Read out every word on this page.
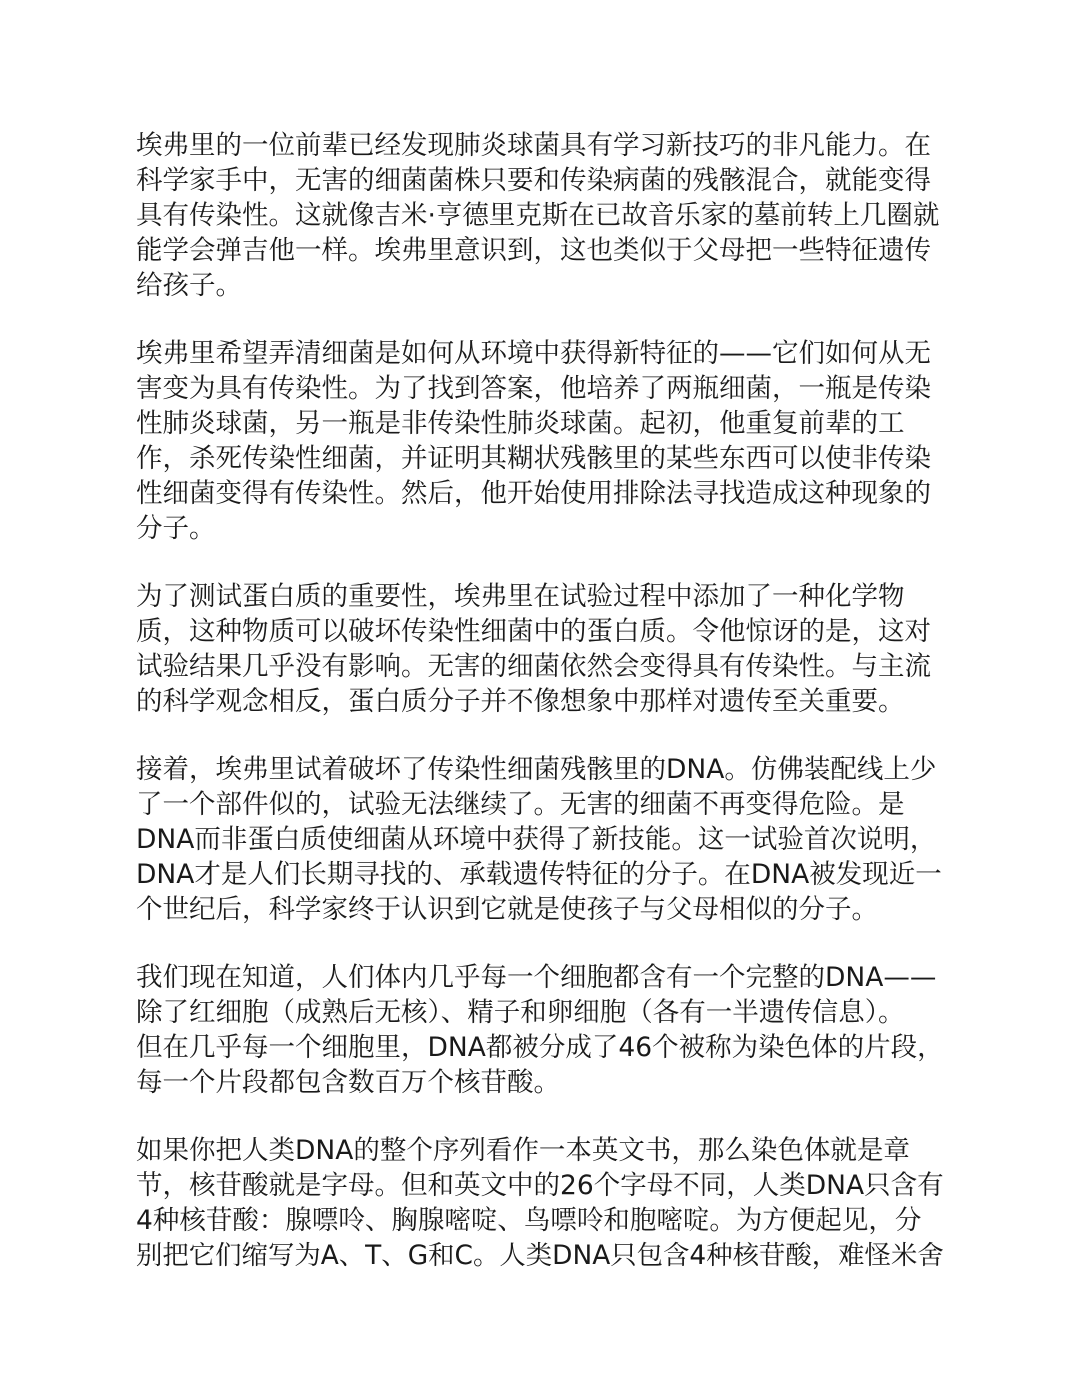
埃弗里的一位前辈已经发现肺炎球菌具有学习新技巧的非凡能力。在
科学家手中，无害的细菌菌株只要和传染病菌的残骸混合，就能变得
具有传染性。这就像吉米·亨德里克斯在已故音乐家的墓前转上几圈就
能学会弹吉他一样。埃弗里意识到，这也类似于父母把一些特征遗传
给孩子。

埃弗里希望弄清细菌是如何从环境中获得新特征的——它们如何从无
害变为具有传染性。为了找到答案，他培养了两瓶细菌，一瓶是传染
性肺炎球菌，另一瓶是非传染性肺炎球菌。起初，他重复前辈的工
作，杀死传染性细菌，并证明其糊状残骸里的某些东西可以使非传染
性细菌变得有传染性。然后，他开始使用排除法寻找造成这种现象的
分子。

为了测试蛋白质的重要性，埃弗里在试验过程中添加了一种化学物
质，这种物质可以破坏传染性细菌中的蛋白质。令他惊讶的是，这对
试验结果几乎没有影响。无害的细菌依然会变得具有传染性。与主流
的科学观念相反，蛋白质分子并不像想象中那样对遗传至关重要。

接着，埃弗里试着破坏了传染性细菌残骸里的DNA。仿佛装配线上少
了一个部件似的，试验无法继续了。无害的细菌不再变得危险。是
DNA而非蛋白质使细菌从环境中获得了新技能。这一试验首次说明，
DNA才是人们长期寻找的、承载遗传特征的分子。在DNA被发现近一
个世纪后，科学家终于认识到它就是使孩子与父母相似的分子。

我们现在知道，人们体内几乎每一个细胞都含有一个完整的DNA——
除了红细胞（成熟后无核）、精子和卵细胞（各有一半遗传信息）。
但在几乎每一个细胞里，DNA都被分成了46个被称为染色体的片段，
每一个片段都包含数百万个核苷酸。

如果你把人类DNA的整个序列看作一本英文书，那么染色体就是章
节，核苷酸就是字母。但和英文中的26个字母不同，人类DNA只含有
4种核苷酸：腺嘌呤、胸腺嘧啶、鸟嘌呤和胞嘧啶。为方便起见，分
别把它们缩写为A、T、G和C。人类DNA只包含4种核苷酸，难怪米舍
